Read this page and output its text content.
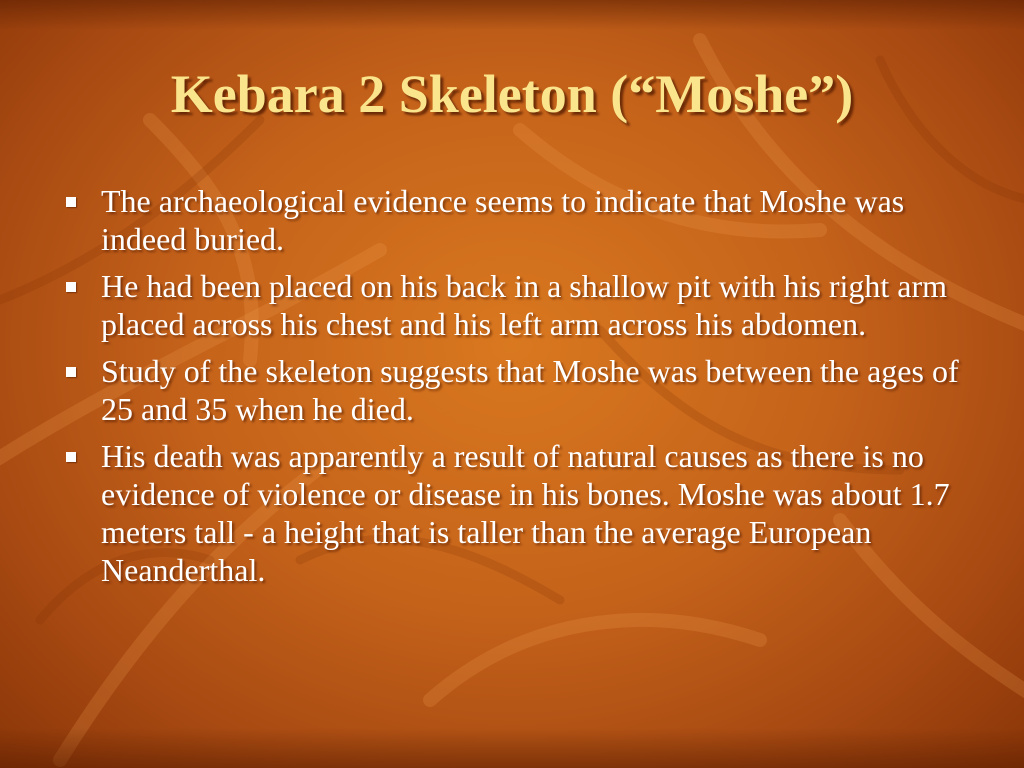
Kebara 2 Skeleton (“Moshe”)
The archaeological evidence seems to indicate that Moshe was indeed buried.
He had been placed on his back in a shallow pit with his right arm placed across his chest and his left arm across his abdomen.
Study of the skeleton suggests that Moshe was between the ages of 25 and 35 when he died.
His death was apparently a result of natural causes as there is no evidence of violence or disease in his bones. Moshe was about 1.7 meters tall - a height that is taller than the average European Neanderthal.
